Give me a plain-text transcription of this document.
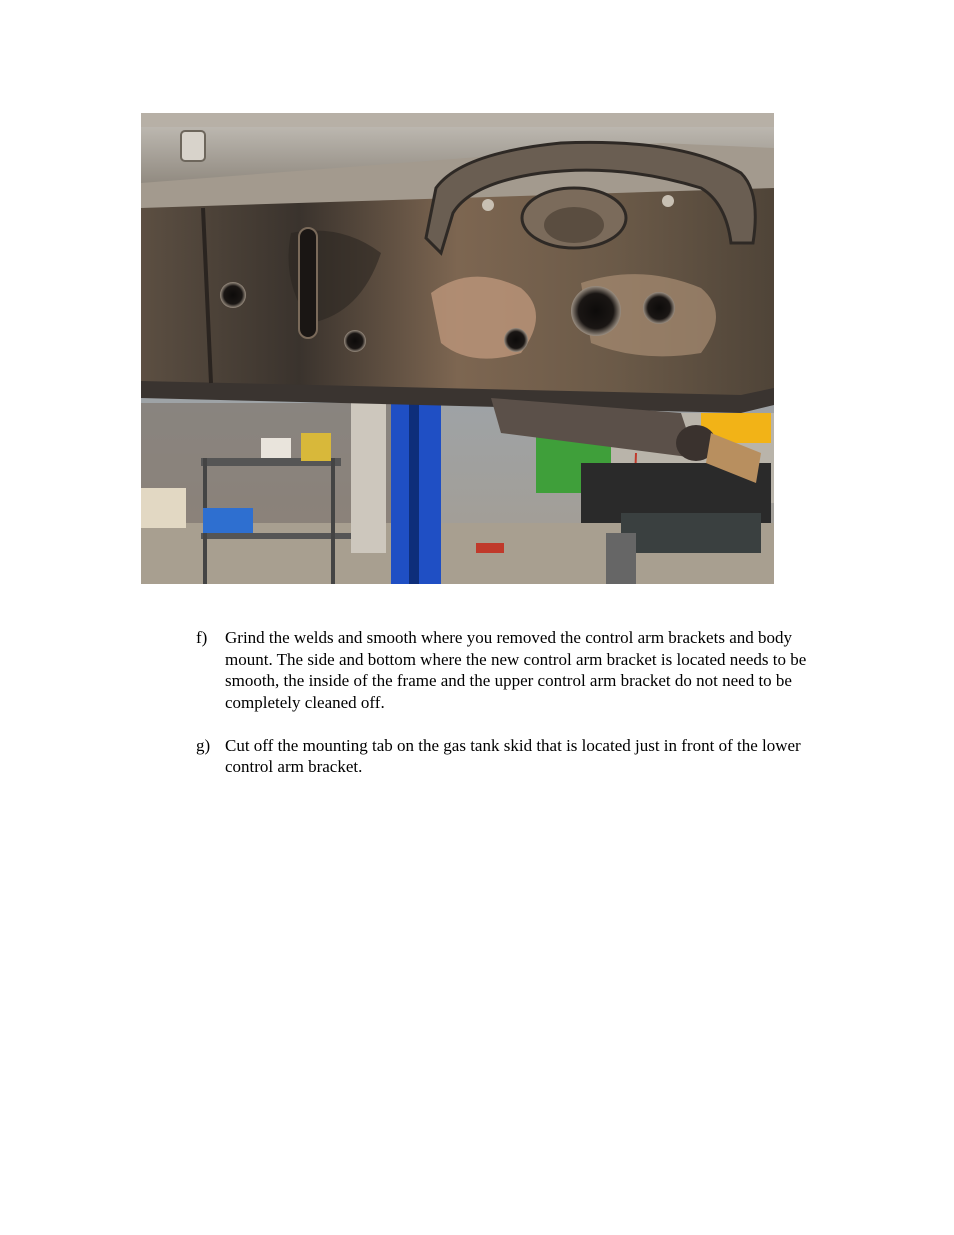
f)	Grind the welds and smooth where you removed the control arm brackets and body mount. The side and bottom where the new control arm bracket is located needs to be smooth, the inside of the frame and the upper control arm bracket do not need to be completely cleaned off.
g) Cut off the mounting tab on the gas tank skid that is located just in front of the lower control arm bracket.
